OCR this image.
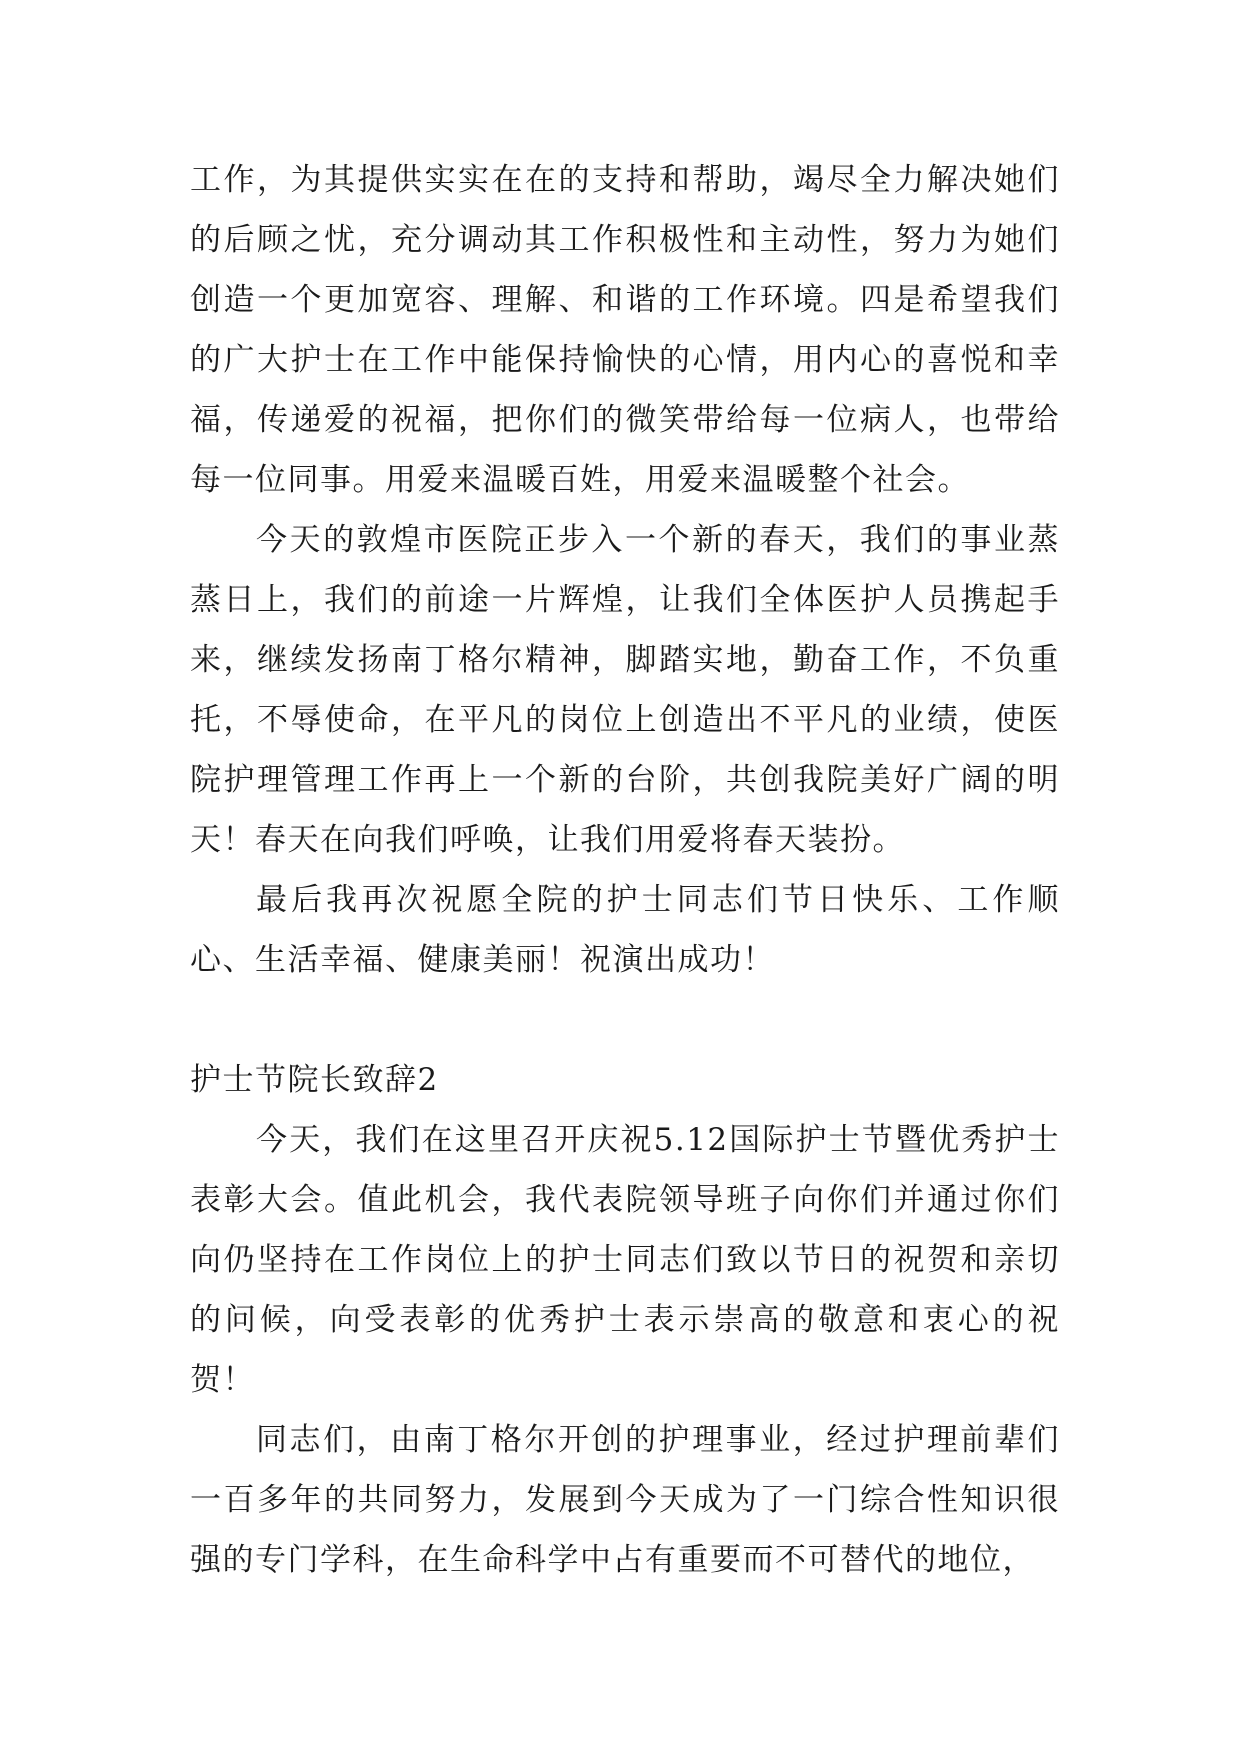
工作，为其提供实实在在的支持和帮助，竭尽全力解决她们的后顾之忧，充分调动其工作积极性和主动性，努力为她们创造一个更加宽容、理解、和谐的工作环境。四是希望我们的广大护士在工作中能保持愉快的心情，用内心的喜悦和幸福，传递爱的祝福，把你们的微笑带给每一位病人，也带给每一位同事。用爱来温暖百姓，用爱来温暖整个社会。

今天的敦煌市医院正步入一个新的春天，我们的事业蒸蒸日上，我们的前途一片辉煌，让我们全体医护人员携起手来，继续发扬南丁格尔精神，脚踏实地，勤奋工作，不负重托，不辱使命，在平凡的岗位上创造出不平凡的业绩，使医院护理管理工作再上一个新的台阶，共创我院美好广阔的明天！春天在向我们呼唤，让我们用爱将春天装扮。

最后我再次祝愿全院的护士同志们节日快乐、工作顺心、生活幸福、健康美丽！祝演出成功！

护士节院长致辞2

今天，我们在这里召开庆祝5.12国际护士节暨优秀护士表彰大会。值此机会，我代表院领导班子向你们并通过你们向仍坚持在工作岗位上的护士同志们致以节日的祝贺和亲切的问候，向受表彰的优秀护士表示崇高的敬意和衷心的祝贺！

同志们，由南丁格尔开创的护理事业，经过护理前辈们一百多年的共同努力，发展到今天成为了一门综合性知识很强的专门学科，在生命科学中占有重要而不可替代的地位，
